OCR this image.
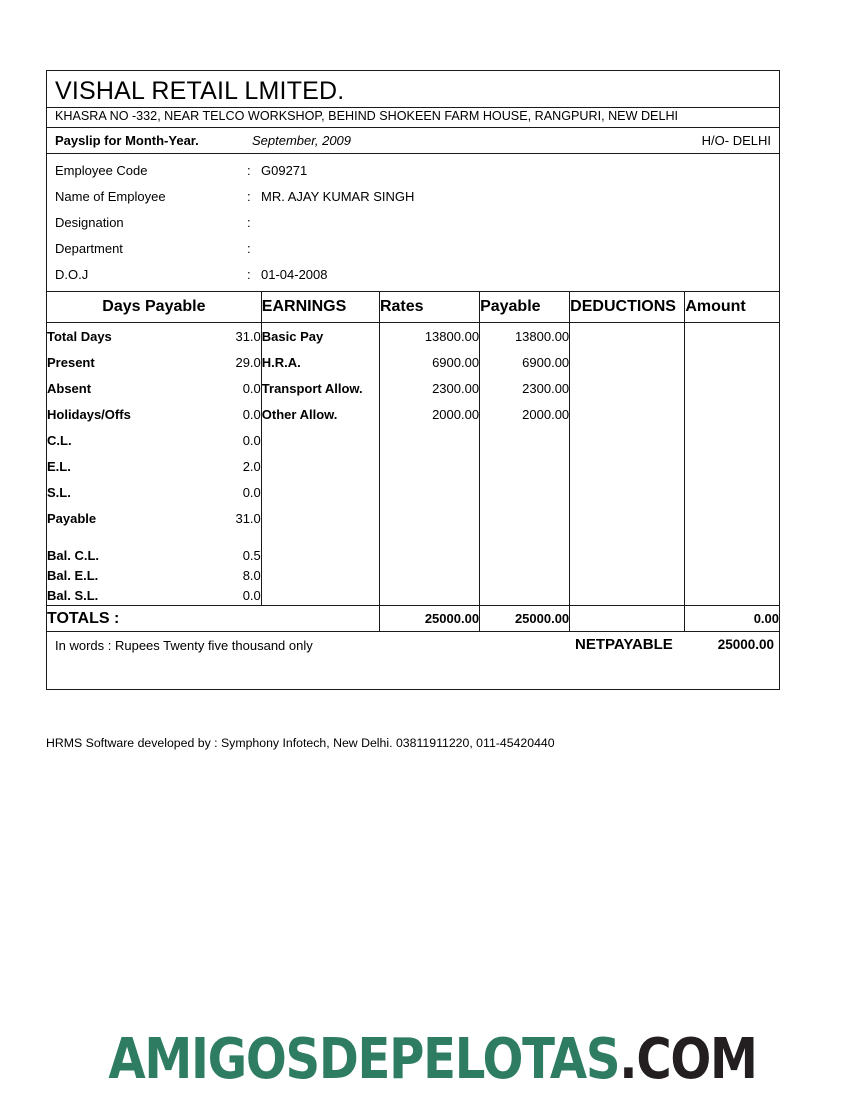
VISHAL RETAIL LMITED.
KHASRA NO -332, NEAR TELCO WORKSHOP, BEHIND SHOKEEN FARM HOUSE, RANGPURI, NEW DELHI
Payslip for Month-Year.	September, 2009	H/O- DELHI
Employee Code	: G09271
Name of Employee	: MR. AJAY KUMAR SINGH
Designation	:
Department	:
D.O.J	: 01-04-2008
Days Payable		EARNINGS	Rates	Payable	DEDUCTIONS	Amount
Total Days	31.0	Basic Pay	13800.00	13800.00		
Present	29.0	H.R.A.	6900.00	6900.00		
Absent	0.0	Transport Allow.	2300.00	2300.00		
Holidays/Offs	0.0	Other Allow.	2000.00	2000.00		
C.L.	0.0					
E.L.	2.0					
S.L.	0.0					
Payable	31.0					

Bal. C.L.	0.5					
Bal. E.L.	8.0					
Bal. S.L.	0.0					
TOTALS :			25000.00	25000.00		0.00
In words : Rupees Twenty five thousand only	NETPAYABLE	25000.00
HRMS Software developed by : Symphony Infotech, New Delhi. 03811911220, 011-45420440
AMIGOSDEPELOTAS.COM
